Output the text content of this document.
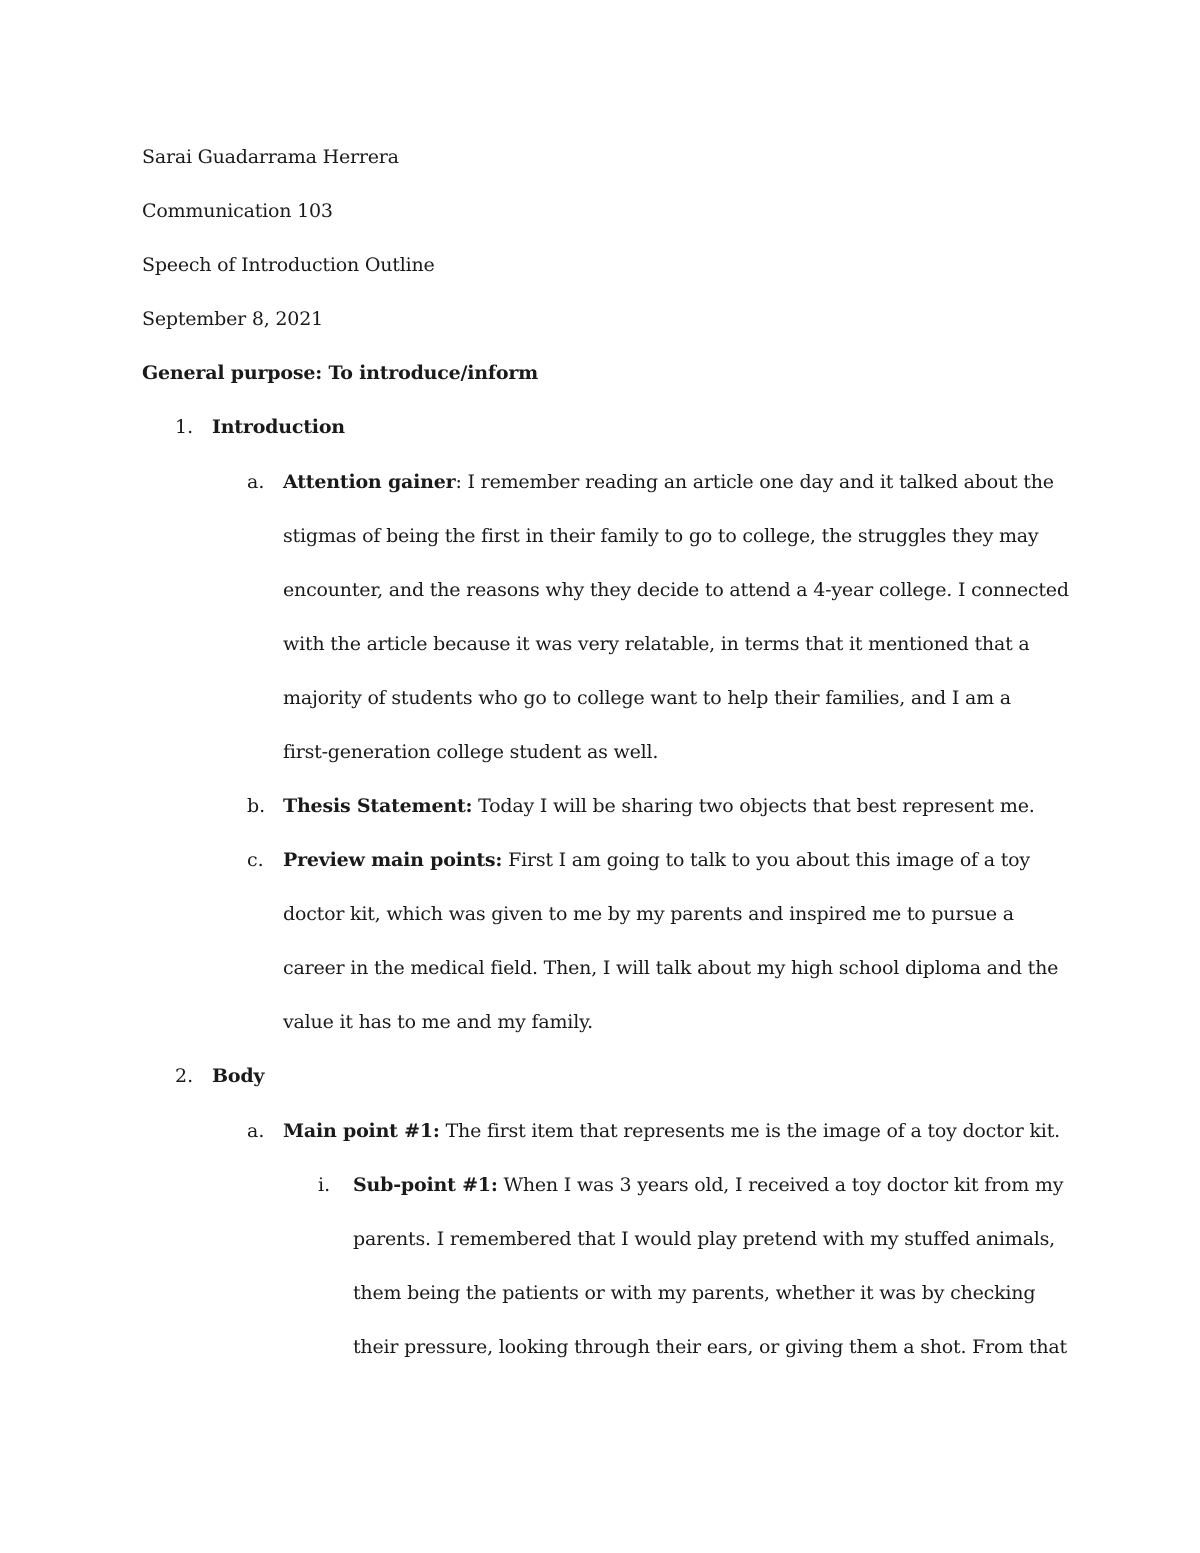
Sarai Guadarrama Herrera
Communication 103
Speech of Introduction Outline
September 8, 2021
General purpose: To introduce/inform
1. Introduction
a. Attention gainer: I remember reading an article one day and it talked about the
stigmas of being the first in their family to go to college, the struggles they may
encounter, and the reasons why they decide to attend a 4-year college. I connected
with the article because it was very relatable, in terms that it mentioned that a
majority of students who go to college want to help their families, and I am a
first-generation college student as well.
b. Thesis Statement: Today I will be sharing two objects that best represent me.
c. Preview main points: First I am going to talk to you about this image of a toy
doctor kit, which was given to me by my parents and inspired me to pursue a
career in the medical field. Then, I will talk about my high school diploma and the
value it has to me and my family.
2. Body
a. Main point #1: The first item that represents me is the image of a toy doctor kit.
i. Sub-point #1: When I was 3 years old, I received a toy doctor kit from my
parents. I remembered that I would play pretend with my stuffed animals,
them being the patients or with my parents, whether it was by checking
their pressure, looking through their ears, or giving them a shot. From that
